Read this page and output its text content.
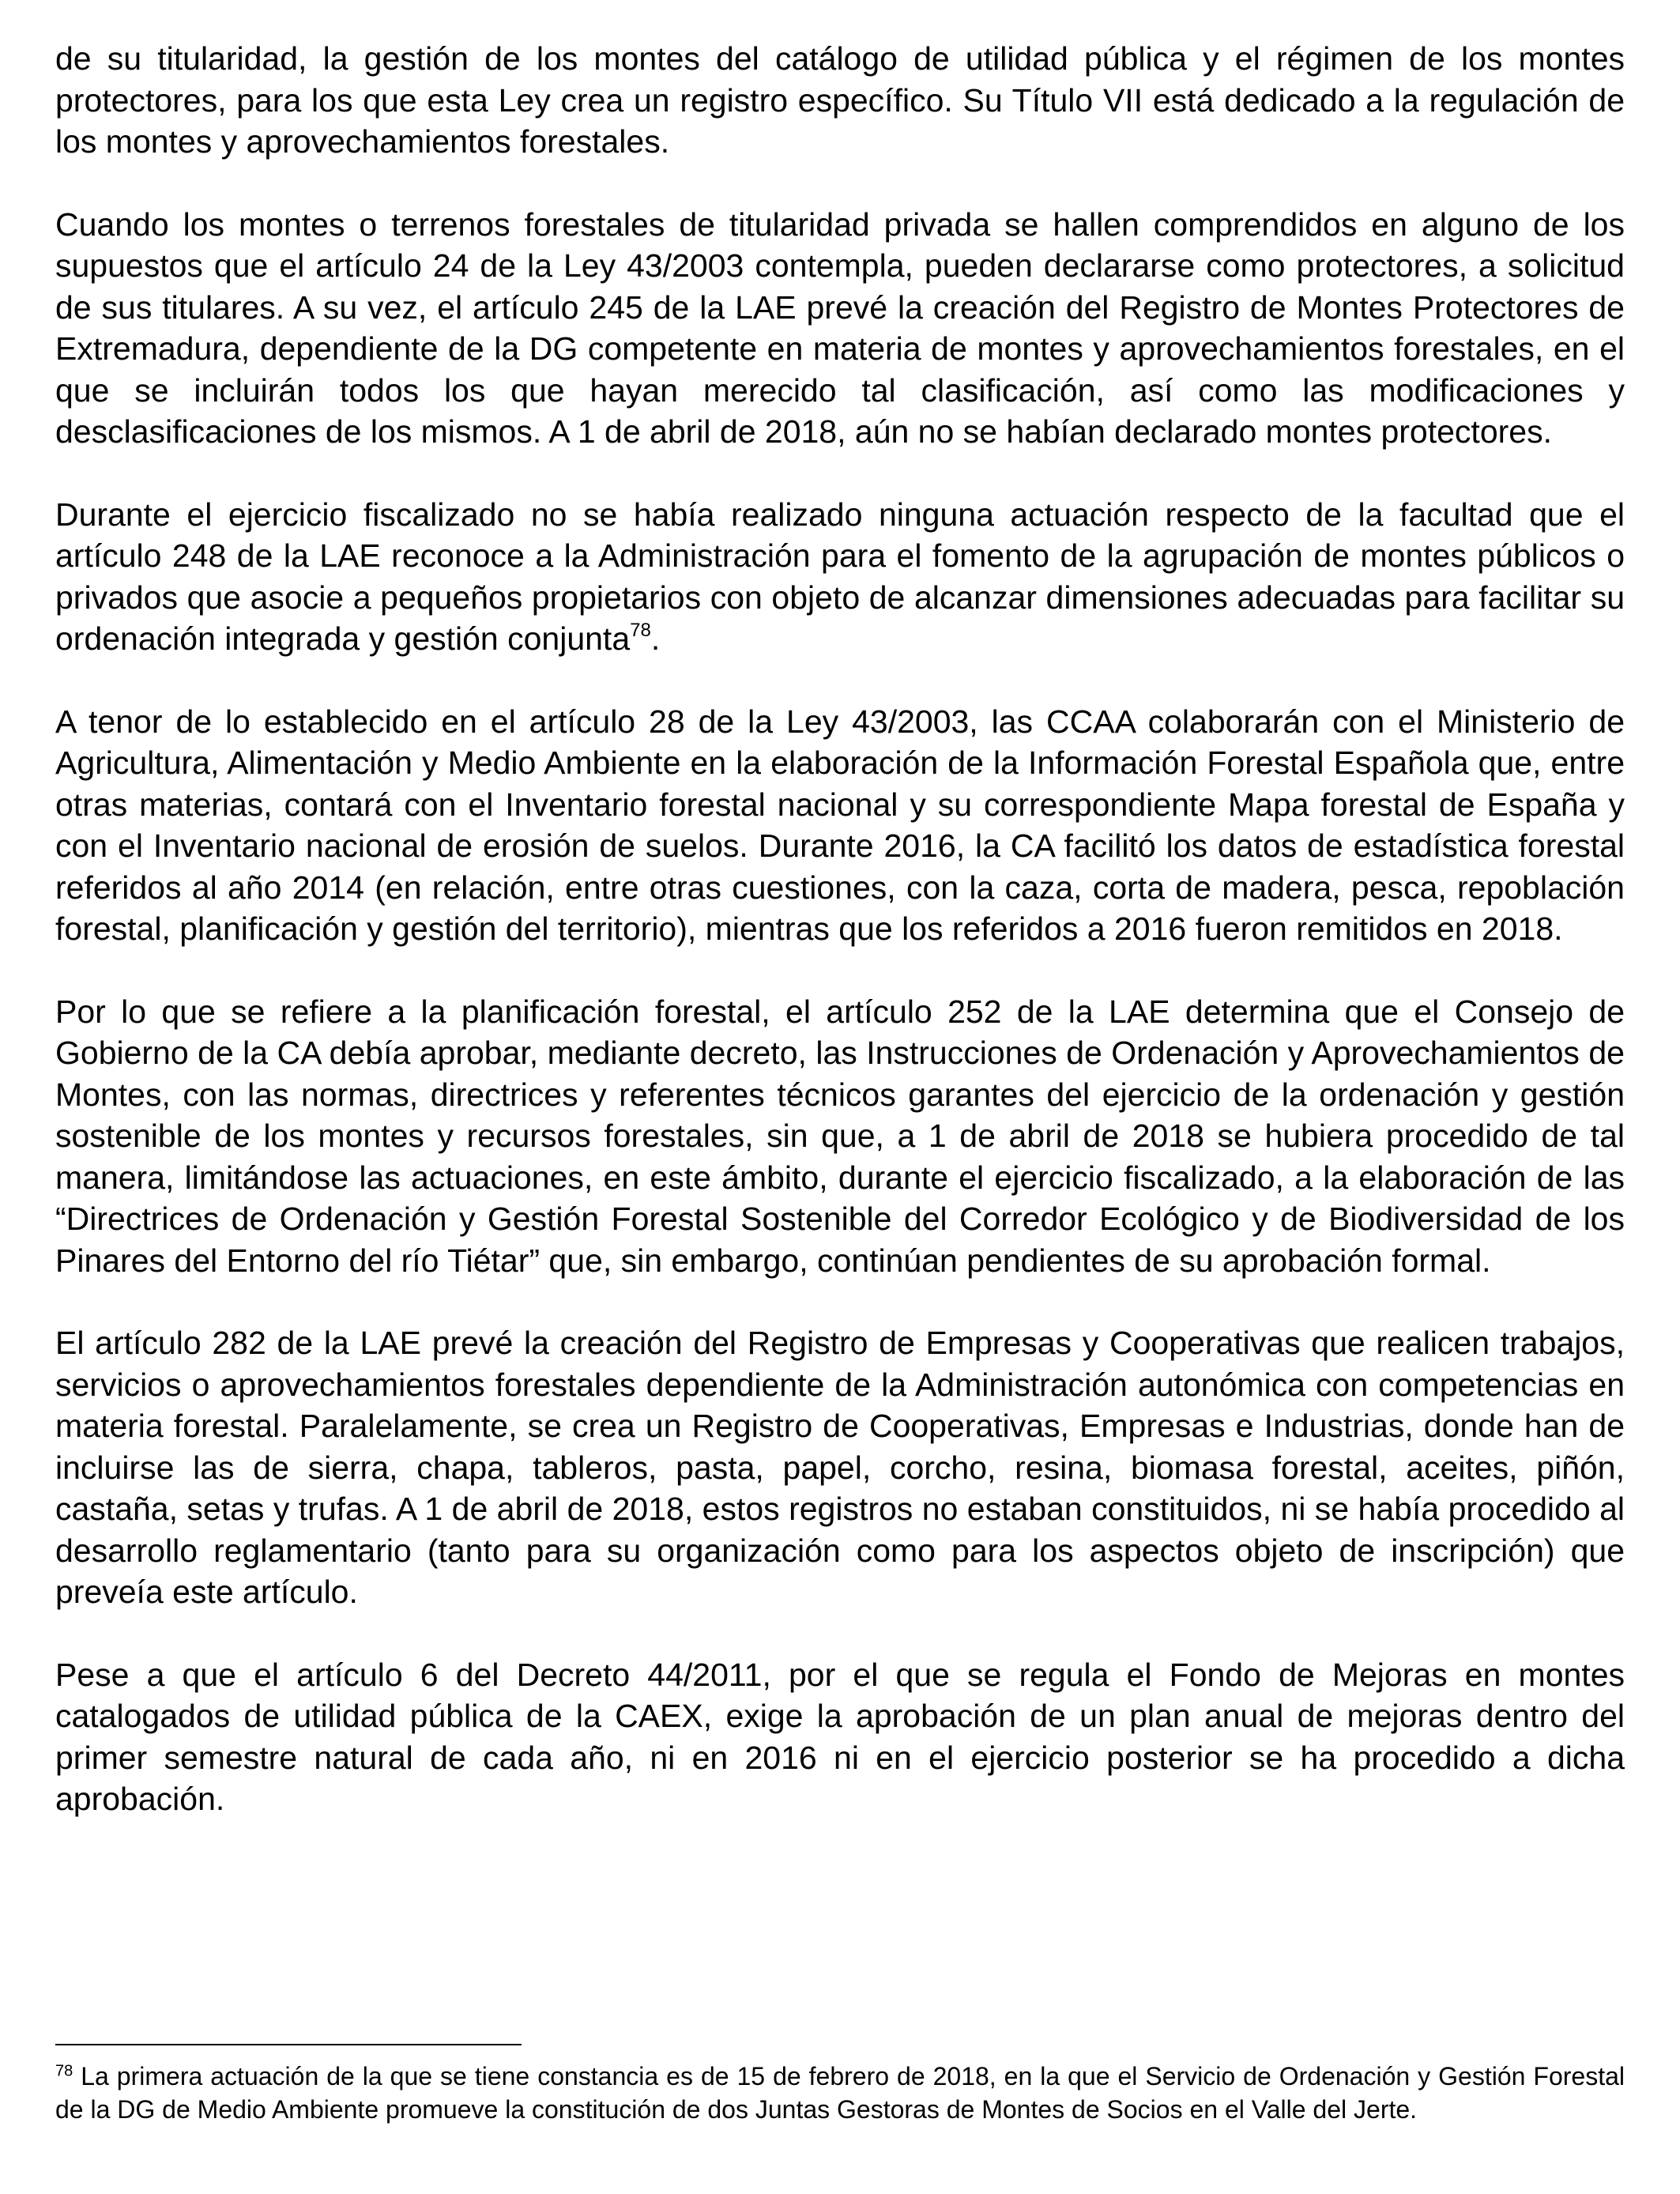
de su titularidad, la gestión de los montes del catálogo de utilidad pública y el régimen de los montes protectores, para los que esta Ley crea un registro específico. Su Título VII está dedicado a la regulación de los montes y aprovechamientos forestales.

Cuando los montes o terrenos forestales de titularidad privada se hallen comprendidos en alguno de los supuestos que el artículo 24 de la Ley 43/2003 contempla, pueden declararse como protectores, a solicitud de sus titulares. A su vez, el artículo 245 de la LAE prevé la creación del Registro de Montes Protectores de Extremadura, dependiente de la DG competente en materia de montes y aprovechamientos forestales, en el que se incluirán todos los que hayan merecido tal clasificación, así como las modificaciones y desclasificaciones de los mismos. A 1 de abril de 2018, aún no se habían declarado montes protectores.

Durante el ejercicio fiscalizado no se había realizado ninguna actuación respecto de la facultad que el artículo 248 de la LAE reconoce a la Administración para el fomento de la agrupación de montes públicos o privados que asocie a pequeños propietarios con objeto de alcanzar dimensiones adecuadas para facilitar su ordenación integrada y gestión conjunta$^{78}$.

A tenor de lo establecido en el artículo 28 de la Ley 43/2003, las CCAA colaborarán con el Ministerio de Agricultura, Alimentación y Medio Ambiente en la elaboración de la Información Forestal Española que, entre otras materias, contará con el Inventario forestal nacional y su correspondiente Mapa forestal de España y con el Inventario nacional de erosión de suelos. Durante 2016, la CA facilitó los datos de estadística forestal referidos al año 2014 (en relación, entre otras cuestiones, con la caza, corta de madera, pesca, repoblación forestal, planificación y gestión del territorio), mientras que los referidos a 2016 fueron remitidos en 2018.

Por lo que se refiere a la planificación forestal, el artículo 252 de la LAE determina que el Consejo de Gobierno de la CA debía aprobar, mediante decreto, las Instrucciones de Ordenación y Aprovechamientos de Montes, con las normas, directrices y referentes técnicos garantes del ejercicio de la ordenación y gestión sostenible de los montes y recursos forestales, sin que, a 1 de abril de 2018 se hubiera procedido de tal manera, limitándose las actuaciones, en este ámbito, durante el ejercicio fiscalizado, a la elaboración de las “Directrices de Ordenación y Gestión Forestal Sostenible del Corredor Ecológico y de Biodiversidad de los Pinares del Entorno del río Tiétar” que, sin embargo, continúan pendientes de su aprobación formal.

El artículo 282 de la LAE prevé la creación del Registro de Empresas y Cooperativas que realicen trabajos, servicios o aprovechamientos forestales dependiente de la Administración autonómica con competencias en materia forestal. Paralelamente, se crea un Registro de Cooperativas, Empresas e Industrias, donde han de incluirse las de sierra, chapa, tableros, pasta, papel, corcho, resina, biomasa forestal, aceites, piñón, castaña, setas y trufas. A 1 de abril de 2018, estos registros no estaban constituidos, ni se había procedido al desarrollo reglamentario (tanto para su organización como para los aspectos objeto de inscripción) que preveía este artículo.

Pese a que el artículo 6 del Decreto 44/2011, por el que se regula el Fondo de Mejoras en montes catalogados de utilidad pública de la CAEX, exige la aprobación de un plan anual de mejoras dentro del primer semestre natural de cada año, ni en 2016 ni en el ejercicio posterior se ha procedido a dicha aprobación.

$^{78}$ La primera actuación de la que se tiene constancia es de 15 de febrero de 2018, en la que el Servicio de Ordenación y Gestión Forestal de la DG de Medio Ambiente promueve la constitución de dos Juntas Gestoras de Montes de Socios en el Valle del Jerte.
